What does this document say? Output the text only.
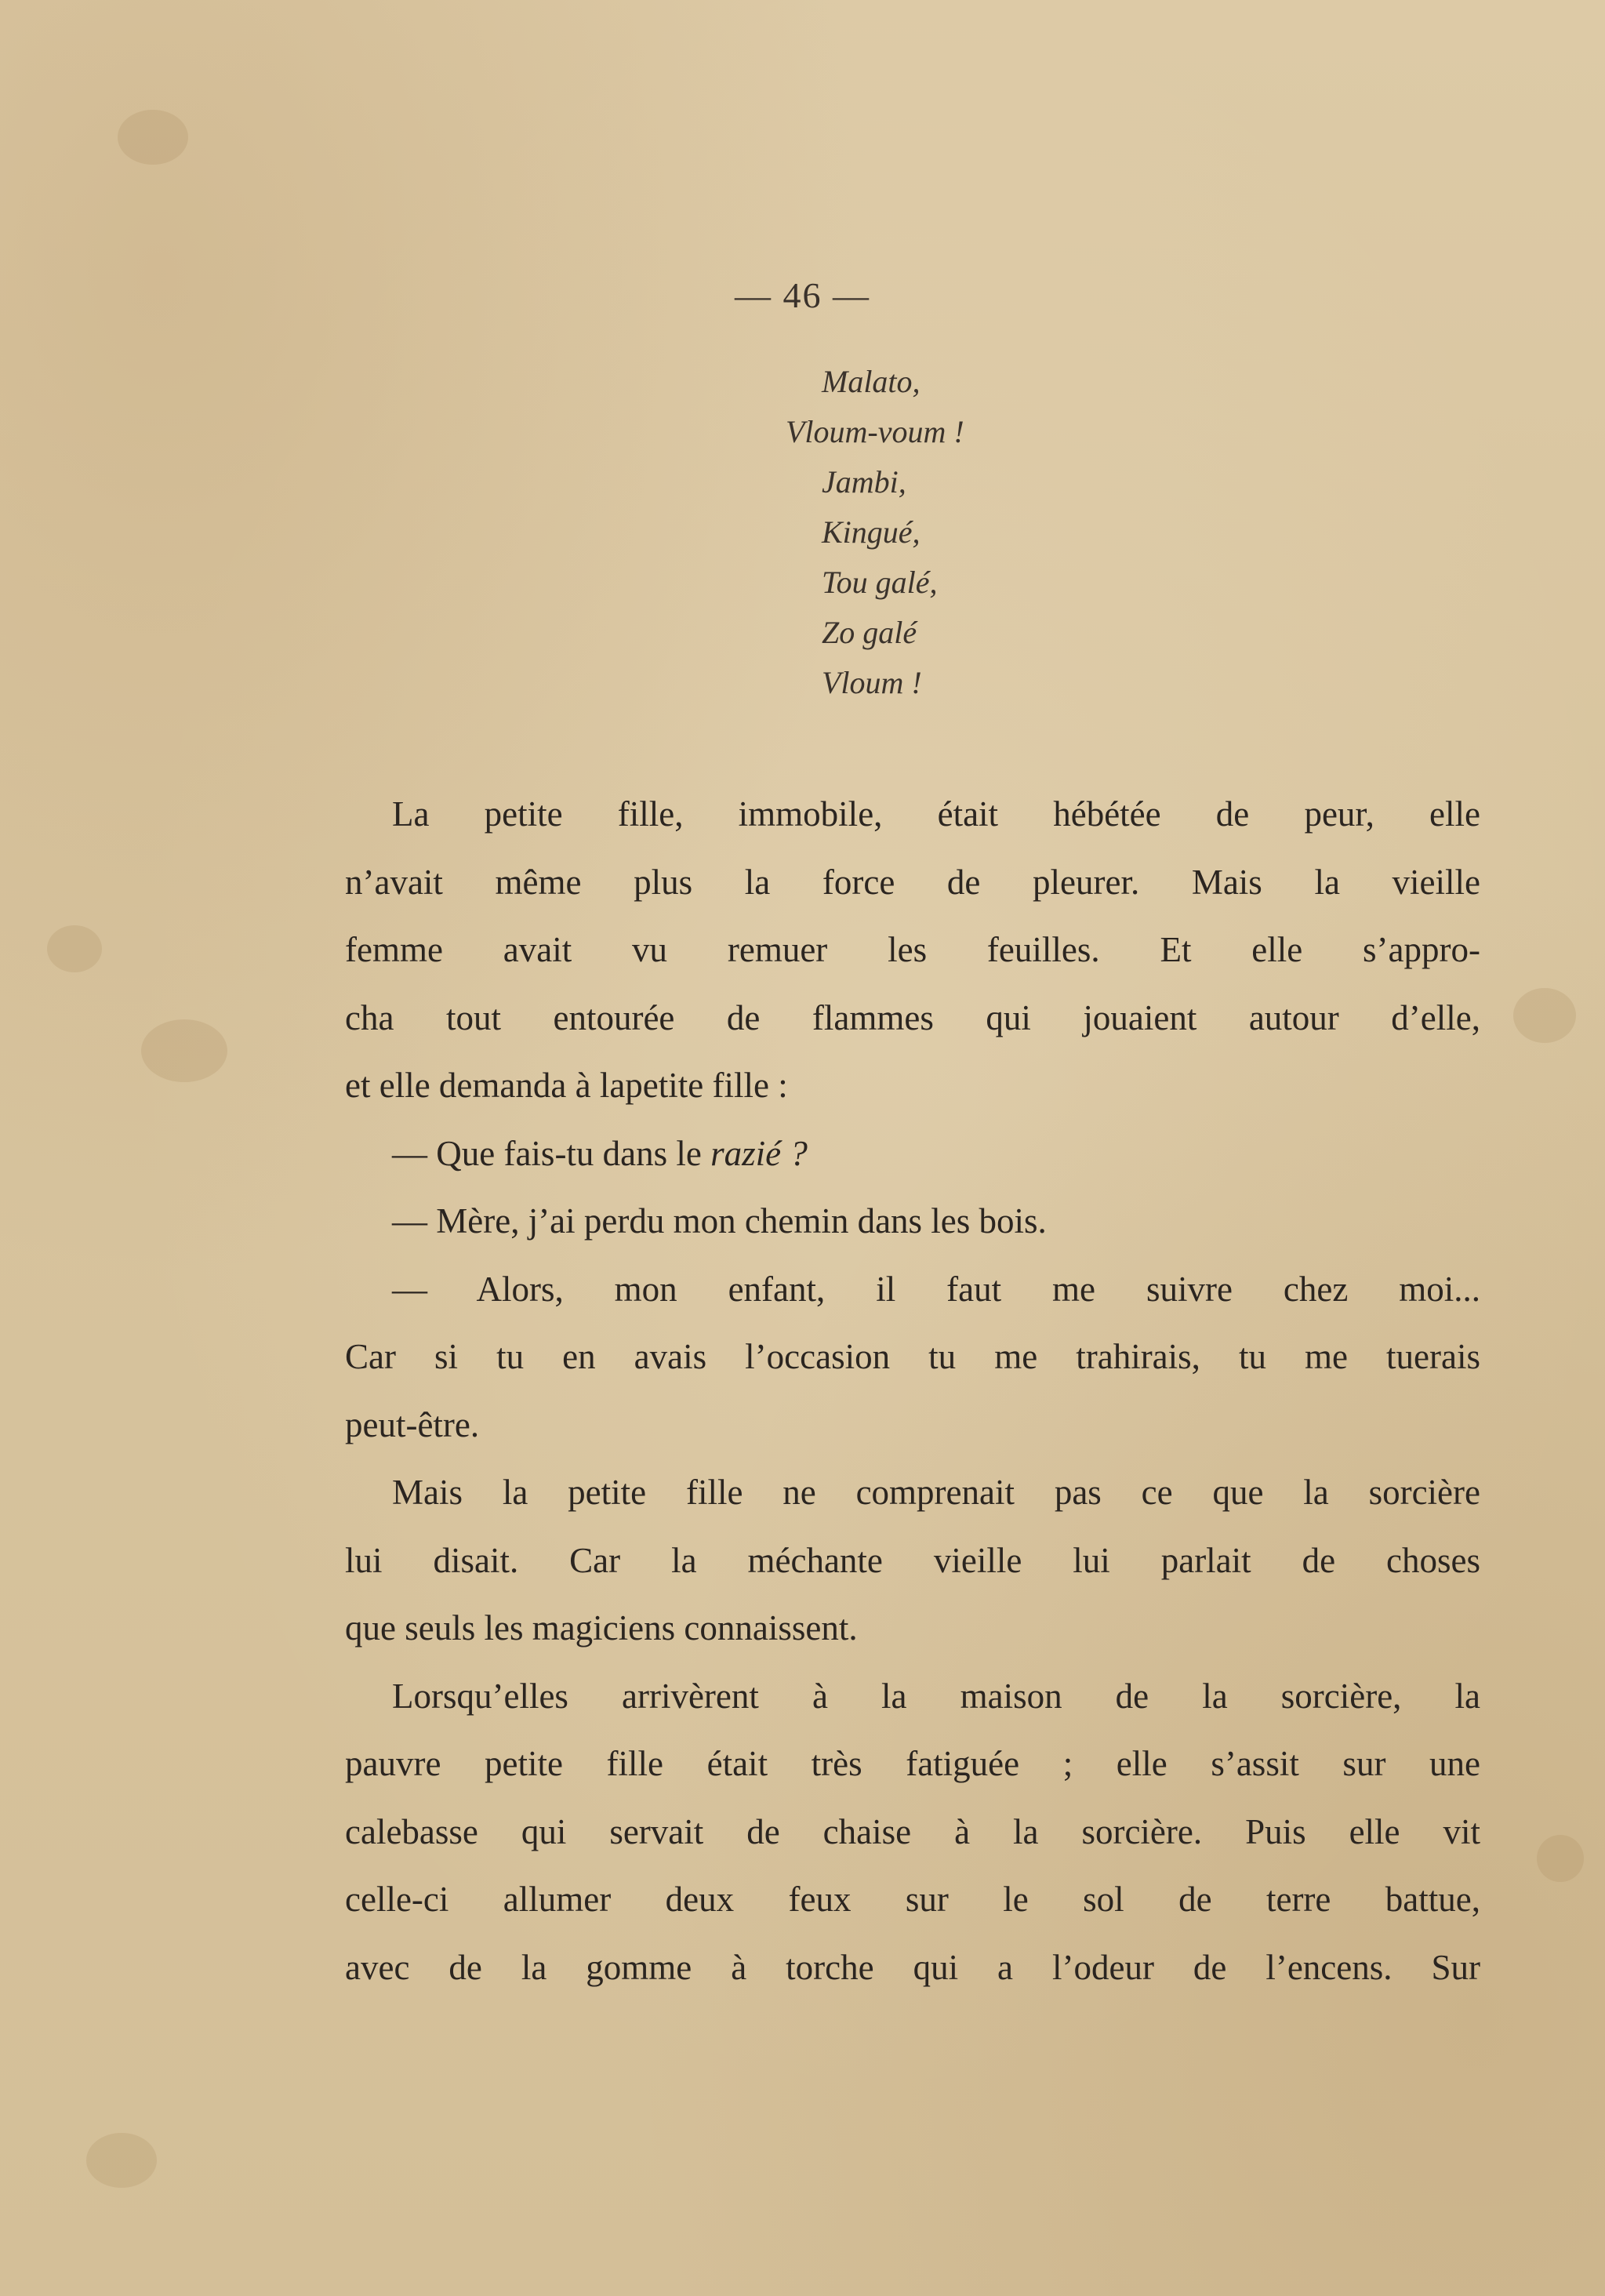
— 46 —
Malato,
Vloum-voum !
Jambi,
Kingué,
Tou galé,
Zo galé
Vloum !
La petite fille, immobile, était hébétée de peur, elle
n’avait même plus la force de pleurer. Mais la vieille
femme avait vu remuer les feuilles. Et elle s’appro-
cha tout entourée de flammes qui jouaient autour d’elle,
et elle demanda à lapetite fille :
— Que fais-tu dans le razié ?
— Mère, j’ai perdu mon chemin dans les bois.
— Alors, mon enfant, il faut me suivre chez moi...
Car si tu en avais l’occasion tu me trahirais, tu me tuerais
peut-être.
Mais la petite fille ne comprenait pas ce que la sorcière
lui disait. Car la méchante vieille lui parlait de choses
que seuls les magiciens connaissent.
Lorsqu’elles arrivèrent à la maison de la sorcière, la
pauvre petite fille était très fatiguée ; elle s’assit sur une
calebasse qui servait de chaise à la sorcière. Puis elle vit
celle-ci allumer deux feux sur le sol de terre battue,
avec de la gomme à torche qui a l’odeur de l’encens. Sur
